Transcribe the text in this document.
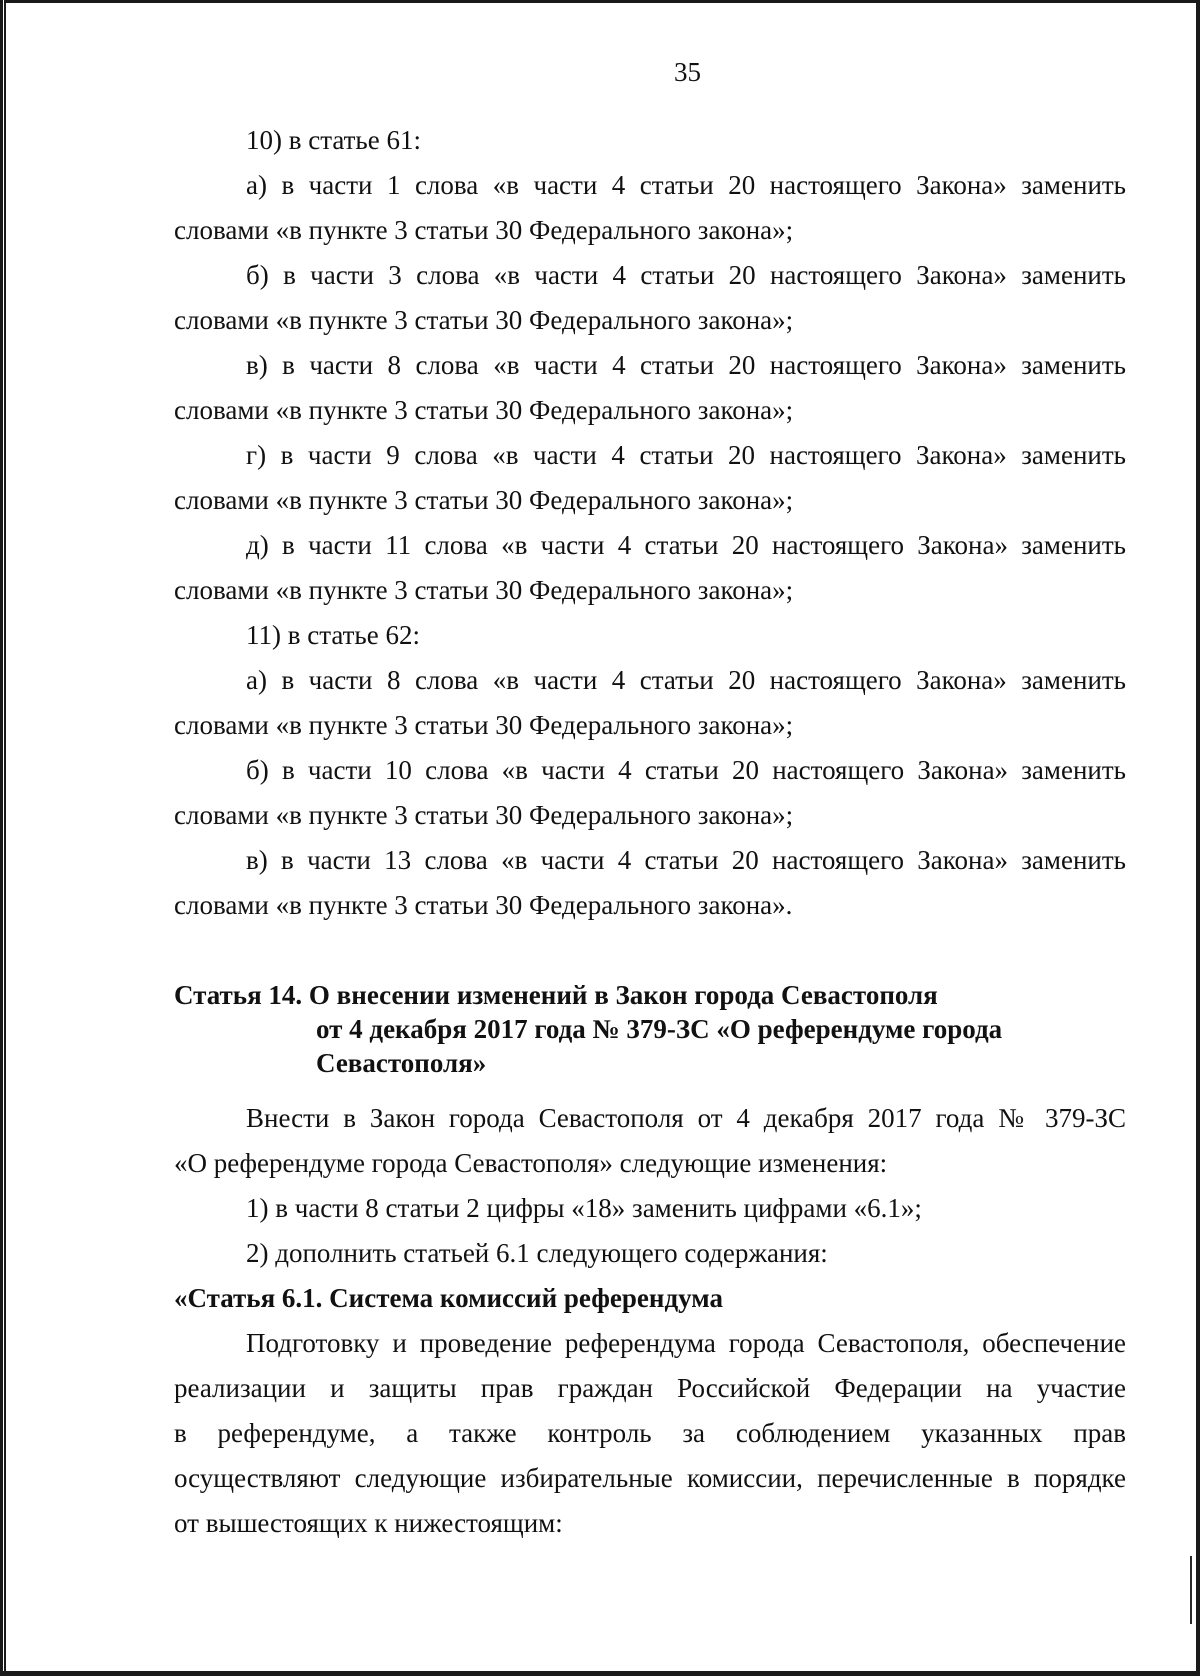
35
10) в статье 61:
а) в части 1 слова «в части 4 статьи 20 настоящего Закона» заменить
словами «в пункте 3 статьи 30 Федерального закона»;
б) в части 3 слова «в части 4 статьи 20 настоящего Закона» заменить
словами «в пункте 3 статьи 30 Федерального закона»;
в) в части 8 слова «в части 4 статьи 20 настоящего Закона» заменить
словами «в пункте 3 статьи 30 Федерального закона»;
г) в части 9 слова «в части 4 статьи 20 настоящего Закона» заменить
словами «в пункте 3 статьи 30 Федерального закона»;
д) в части 11 слова «в части 4 статьи 20 настоящего Закона» заменить
словами «в пункте 3 статьи 30 Федерального закона»;
11) в статье 62:
а) в части 8 слова «в части 4 статьи 20 настоящего Закона» заменить
словами «в пункте 3 статьи 30 Федерального закона»;
б) в части 10 слова «в части 4 статьи 20 настоящего Закона» заменить
словами «в пункте 3 статьи 30 Федерального закона»;
в) в части 13 слова «в части 4 статьи 20 настоящего Закона» заменить
словами «в пункте 3 статьи 30 Федерального закона».
Статья 14. О внесении изменений в Закон города Севастополя
от 4 декабря 2017 года № 379-ЗС «О референдуме города
Севастополя»
Внести в Закон города Севастополя от 4 декабря 2017 года № 379-ЗС
«О референдуме города Севастополя» следующие изменения:
1) в части 8 статьи 2 цифры «18» заменить цифрами «6.1»;
2) дополнить статьей 6.1 следующего содержания:
«Статья 6.1. Система комиссий референдума
Подготовку и проведение референдума города Севастополя, обеспечение
реализации и защиты прав граждан Российской Федерации на участие
в референдуме, а также контроль за соблюдением указанных прав
осуществляют следующие избирательные комиссии, перечисленные в порядке
от вышестоящих к нижестоящим:
